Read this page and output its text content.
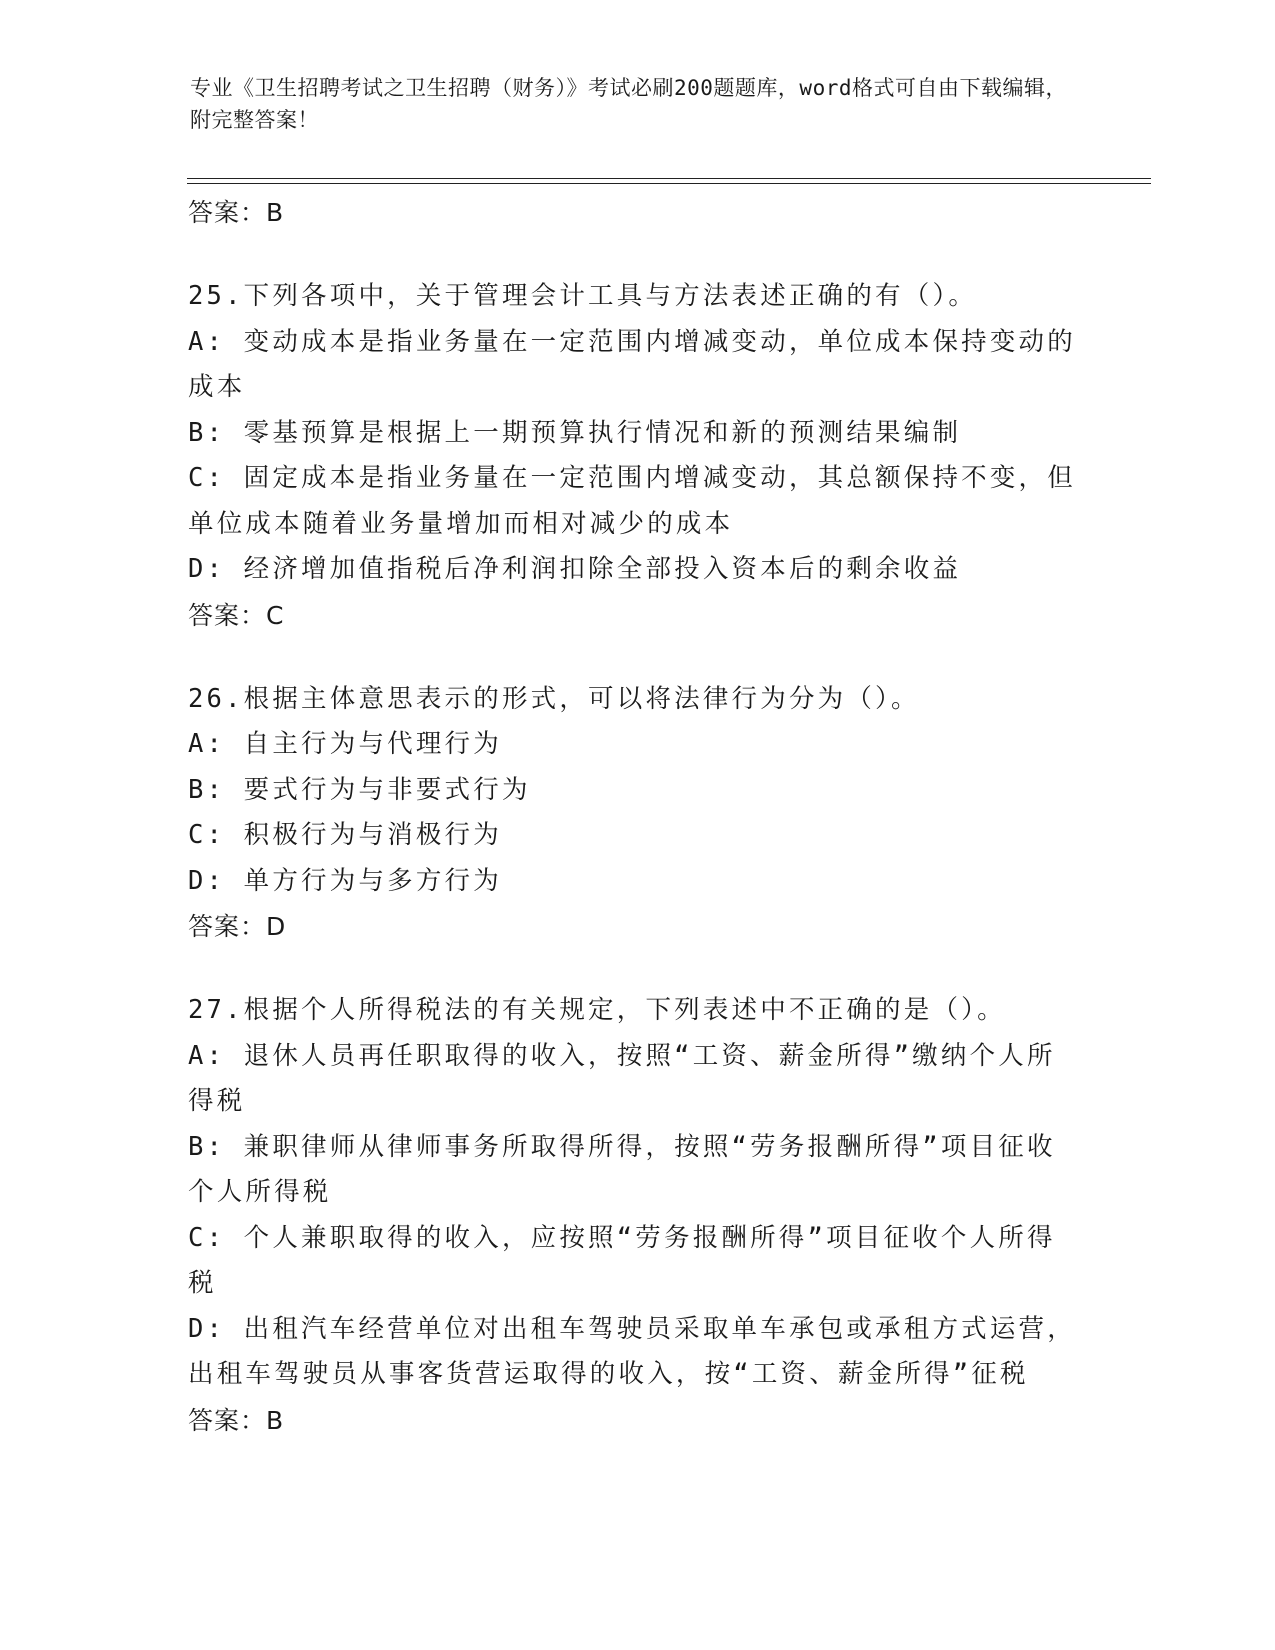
专业《卫生招聘考试之卫生招聘（财务）》考试必刷200题题库，word格式可自由下载编辑，附完整答案！

答案：B

25.下列各项中，关于管理会计工具与方法表述正确的有（）。

A: 变动成本是指业务量在一定范围内增减变动，单位成本保持变动的成本

B: 零基预算是根据上一期预算执行情况和新的预测结果编制

C: 固定成本是指业务量在一定范围内增减变动，其总额保持不变，但单位成本随着业务量增加而相对减少的成本

D: 经济增加值指税后净利润扣除全部投入资本后的剩余收益

答案：C

26.根据主体意思表示的形式，可以将法律行为分为（）。

A: 自主行为与代理行为

B: 要式行为与非要式行为

C: 积极行为与消极行为

D: 单方行为与多方行为

答案：D

27.根据个人所得税法的有关规定，下列表述中不正确的是（）。

A: 退休人员再任职取得的收入，按照“工资、薪金所得”缴纳个人所得税

B: 兼职律师从律师事务所取得所得，按照“劳务报酬所得”项目征收个人所得税

C: 个人兼职取得的收入，应按照“劳务报酬所得”项目征收个人所得税

D: 出租汽车经营单位对出租车驾驶员采取单车承包或承租方式运营，出租车驾驶员从事客货营运取得的收入，按“工资、薪金所得”征税

答案：B
